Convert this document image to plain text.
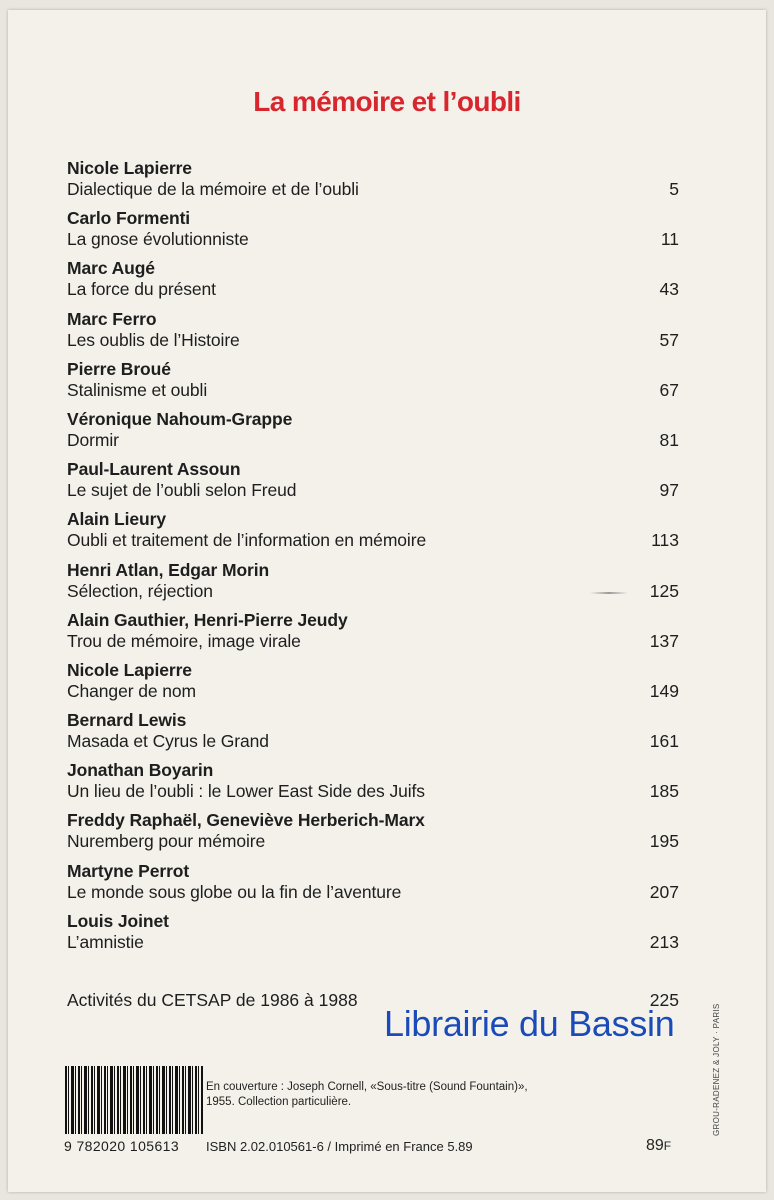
La mémoire et l’oubli
Nicole Lapierre
Dialectique de la mémoire et de l’oubli	5
Carlo Formenti
La gnose évolutionniste	11
Marc Augé
La force du présent	43
Marc Ferro
Les oublis de l’Histoire	57
Pierre Broué
Stalinisme et oubli	67
Véronique Nahoum-Grappe
Dormir	81
Paul-Laurent Assoun
Le sujet de l’oubli selon Freud	97
Alain Lieury
Oubli et traitement de l’information en mémoire	113
Henri Atlan, Edgar Morin
Sélection, réjection	125
Alain Gauthier, Henri-Pierre Jeudy
Trou de mémoire, image virale	137
Nicole Lapierre
Changer de nom	149
Bernard Lewis
Masada et Cyrus le Grand	161
Jonathan Boyarin
Un lieu de l’oubli : le Lower East Side des Juifs	185
Freddy Raphaël, Geneviève Herberich-Marx
Nuremberg pour mémoire	195
Martyne Perrot
Le monde sous globe ou la fin de l’aventure	207
Louis Joinet
L’amnistie	213
Activités du CETSAP de 1986 à 1988	225
Librairie du Bassin
9 782020 105613
En couverture : Joseph Cornell, «Sous-titre (Sound Fountain)»,
1955. Collection particulière.
ISBN 2.02.010561-6 / Imprimé en France 5.89	89F
GROU-RADENEZ & JOLY · PARIS
